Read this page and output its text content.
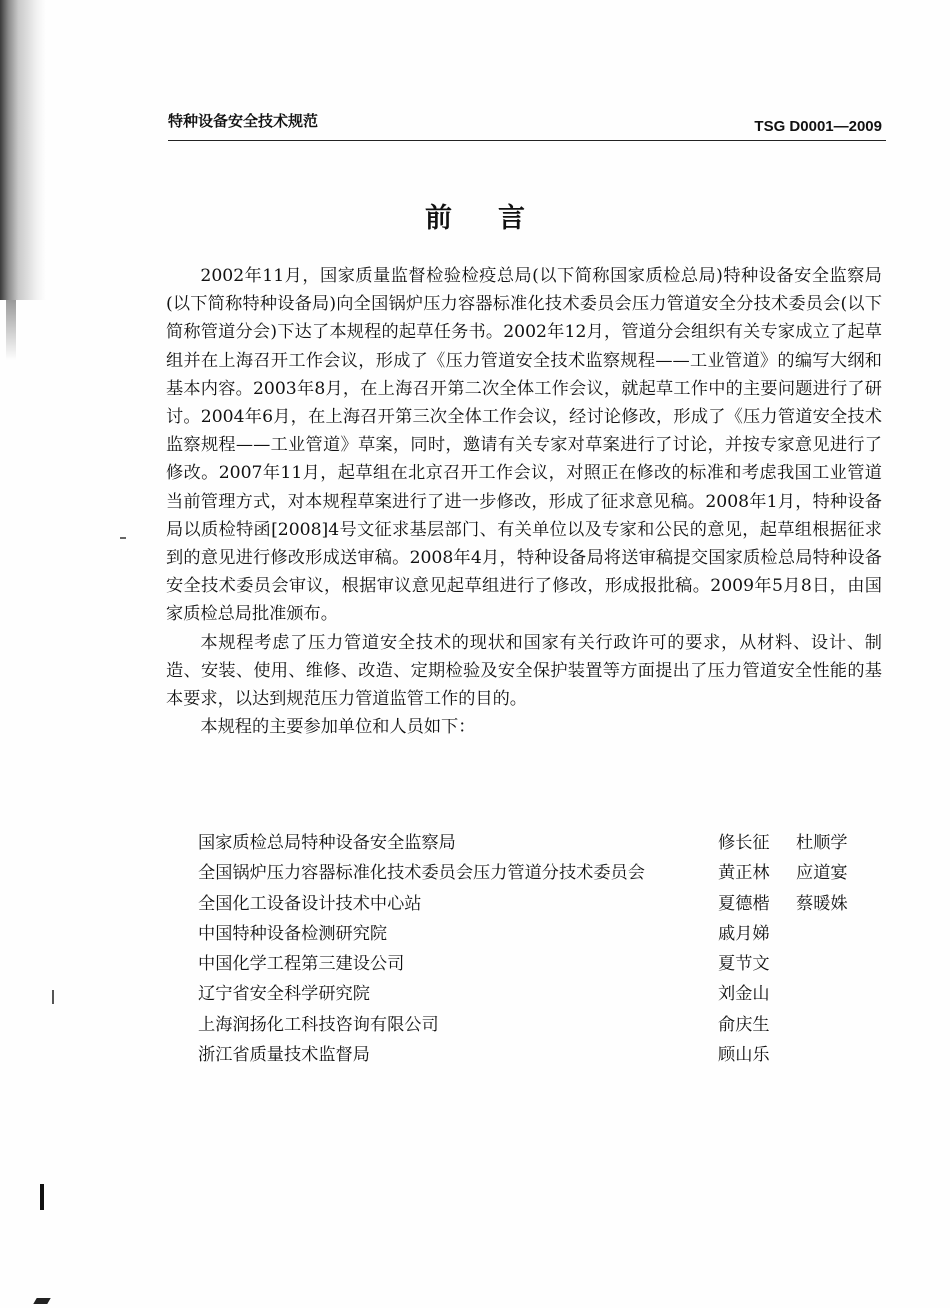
特种设备安全技术规范	TSG D0001—2009
前言

2002年11月，国家质量监督检验检疫总局(以下简称国家质检总局)特种设备安全监察局(以下简称特种设备局)向全国锅炉压力容器标准化技术委员会压力管道安全分技术委员会(以下简称管道分会)下达了本规程的起草任务书。2002年12月，管道分会组织有关专家成立了起草组并在上海召开工作会议，形成了《压力管道安全技术监察规程——工业管道》的编写大纲和基本内容。2003年8月，在上海召开第二次全体工作会议，就起草工作中的主要问题进行了研讨。2004年6月，在上海召开第三次全体工作会议，经讨论修改，形成了《压力管道安全技术监察规程——工业管道》草案，同时，邀请有关专家对草案进行了讨论，并按专家意见进行了修改。2007年11月，起草组在北京召开工作会议，对照正在修改的标准和考虑我国工业管道当前管理方式，对本规程草案进行了进一步修改，形成了征求意见稿。2008年1月，特种设备局以质检特函[2008]4号文征求基层部门、有关单位以及专家和公民的意见，起草组根据征求到的意见进行修改形成送审稿。2008年4月，特种设备局将送审稿提交国家质检总局特种设备安全技术委员会审议，根据审议意见起草组进行了修改，形成报批稿。2009年5月8日，由国家质检总局批准颁布。

本规程考虑了压力管道安全技术的现状和国家有关行政许可的要求，从材料、设计、制造、安装、使用、维修、改造、定期检验及安全保护装置等方面提出了压力管道安全性能的基本要求，以达到规范压力管道监管工作的目的。

本规程的主要参加单位和人员如下：

国家质检总局特种设备安全监察局	修长征 杜顺学
全国锅炉压力容器标准化技术委员会压力管道分技术委员会	黄正林 应道宴
全国化工设备设计技术中心站	夏德楷 蔡暖姝
中国特种设备检测研究院	戚月娣
中国化学工程第三建设公司	夏节文
辽宁省安全科学研究院	刘金山
上海润扬化工科技咨询有限公司	俞庆生
浙江省质量技术监督局	顾山乐
